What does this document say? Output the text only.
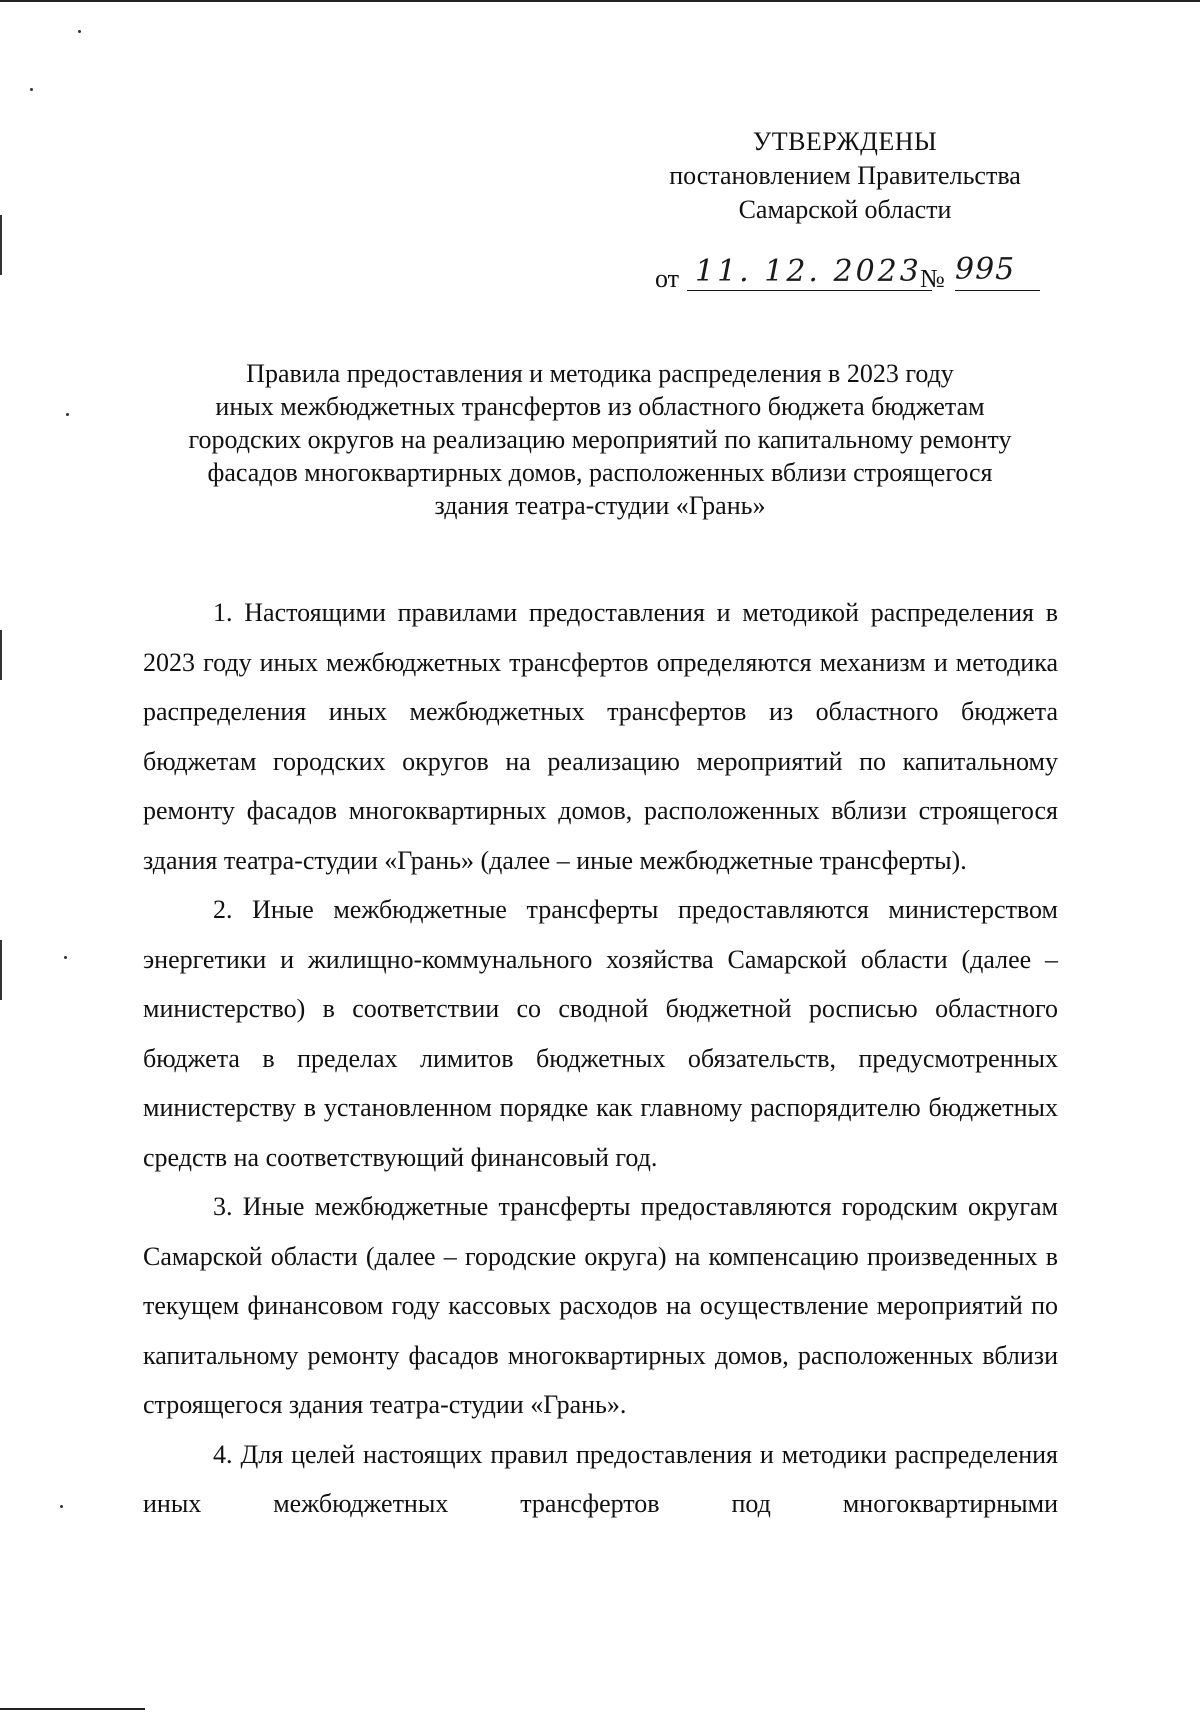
УТВЕРЖДЕНЫ
постановлением Правительства
Самарской области
от 11. 12. 2023
№ 995
Правила предоставления и методика распределения в 2023 году
иных межбюджетных трансфертов из областного бюджета бюджетам
городских округов на реализацию мероприятий по капитальному ремонту
фасадов многоквартирных домов, расположенных вблизи строящегося
здания театра-студии «Грань»

1. Настоящими правилами предоставления и методикой распределения в 2023 году иных межбюджетных трансфертов определяются механизм и методика распределения иных межбюджетных трансфертов из областного бюджета бюджетам городских округов на реализацию мероприятий по капитальному ремонту фасадов многоквартирных домов, расположенных вблизи строящегося здания театра-студии «Грань» (далее – иные межбюджетные трансферты).

2. Иные межбюджетные трансферты предоставляются министерством энергетики и жилищно-коммунального хозяйства Самарской области (далее – министерство) в соответствии со сводной бюджетной росписью областного бюджета в пределах лимитов бюджетных обязательств, предусмотренных министерству в установленном порядке как главному распорядителю бюджетных средств на соответствующий финансовый год.

3. Иные межбюджетные трансферты предоставляются городским округам Самарской области (далее – городские округа) на компенсацию произведенных в текущем финансовом году кассовых расходов на осуществление мероприятий по капитальному ремонту фасадов многоквартирных домов, расположенных вблизи строящегося здания театра-студии «Грань».

4. Для целей настоящих правил предоставления и методики распределения иных межбюджетных трансфертов под многоквартирными
